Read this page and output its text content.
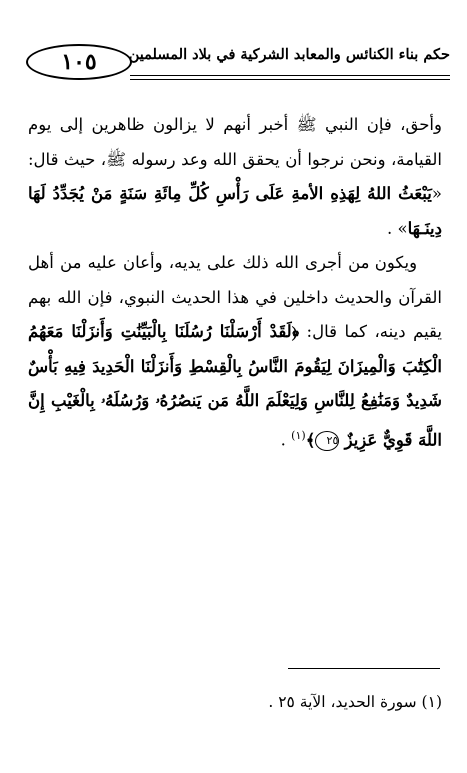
١٠٥	حكم بناء الكنائس والمعابد الشركية في بلاد المسلمين

وأحق، فإن النبي ﷺ أخبر أنهم لا يزالون ظاهرين إلى يوم القيامة، ونحن نرجوا أن يحقق الله وعد رسوله ﷺ، حيث قال: «يَبْعَثُ اللهُ لِهَذِهِ الأمةِ عَلَى رَأْسِ كُلِّ مِائَةِ سَنَةٍ مَنْ يُجَدِّدُ لَهَا دِينَـهَا» .

ويكون من أجرى الله ذلك على يديه، وأعان عليه من أهل القرآن والحديث داخلين في هذا الحديث النبوي، فإن الله بهم يقيم دينه، كما قال: ﴿لَقَدْ أَرْسَلْنَا رُسُلَنَا بِالْبَيِّنَٰتِ وَأَنزَلْنَا مَعَهُمُ الْكِتَٰبَ وَالْمِيزَانَ لِيَقُومَ النَّاسُ بِالْقِسْطِ وَأَنزَلْنَا الْحَدِيدَ فِيهِ بَأْسٌ شَدِيدٌ وَمَنَٰفِعُ لِلنَّاسِ وَلِيَعْلَمَ اللَّهُ مَن يَنصُرُهُۥ وَرُسُلَهُۥ بِالْغَيْبِ إِنَّ اللَّهَ قَوِيٌّ عَزِيزٌ ٢٥﴾$^{(١)}$ .

(١) سورة الحديد، الآية ٢٥ .
